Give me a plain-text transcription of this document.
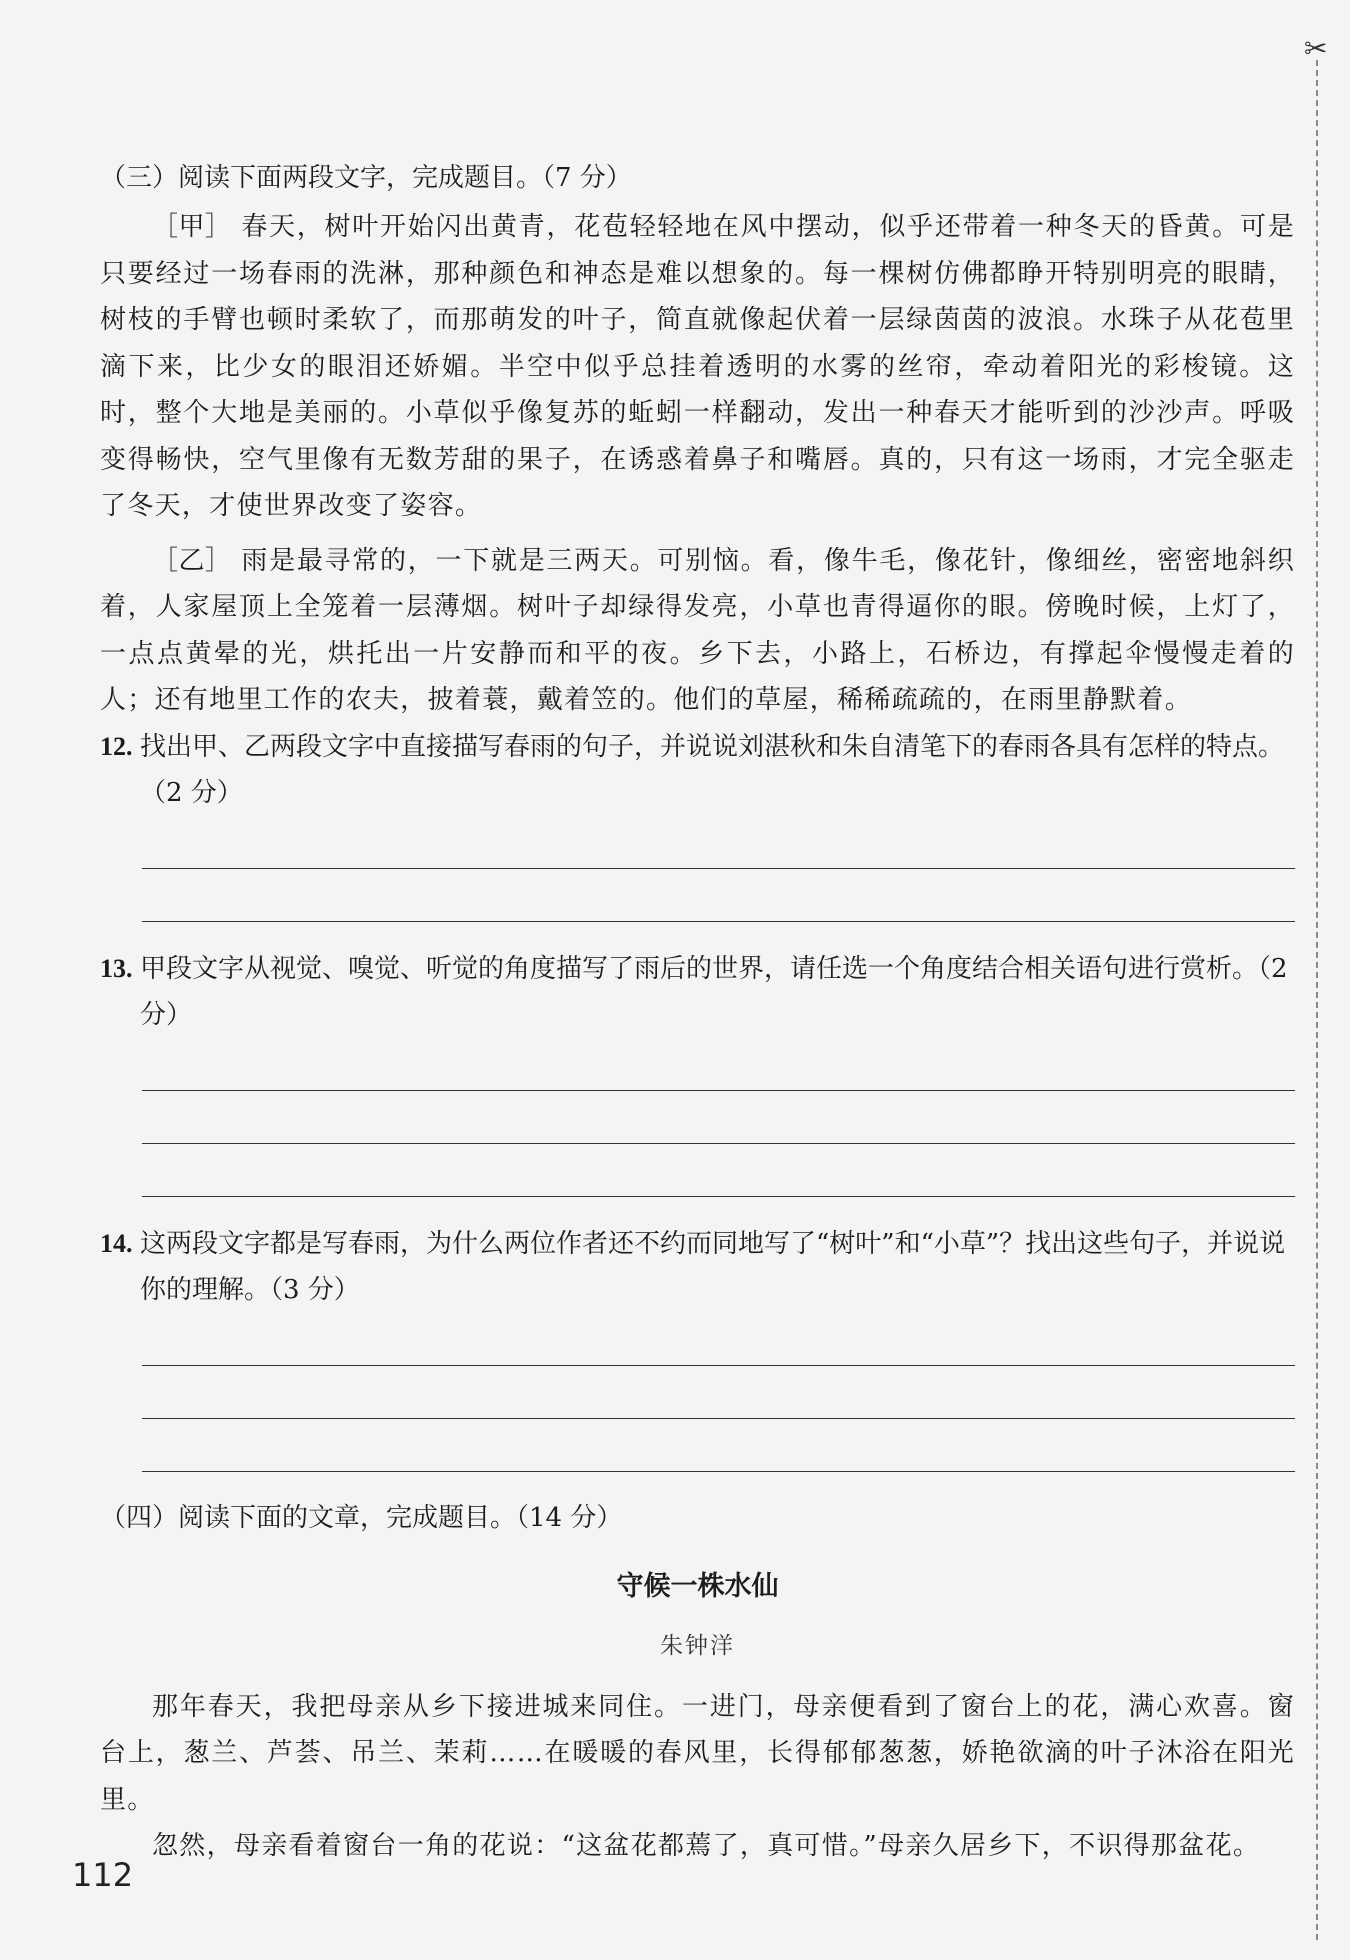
✂

（三）阅读下面两段文字，完成题目。（7 分）

［甲］ 春天，树叶开始闪出黄青，花苞轻轻地在风中摆动，似乎还带着一种冬天的昏黄。可是只要经过一场春雨的洗淋，那种颜色和神态是难以想象的。每一棵树仿佛都睁开特别明亮的眼睛，树枝的手臂也顿时柔软了，而那萌发的叶子，简直就像起伏着一层绿茵茵的波浪。水珠子从花苞里滴下来，比少女的眼泪还娇媚。半空中似乎总挂着透明的水雾的丝帘，牵动着阳光的彩梭镜。这时，整个大地是美丽的。小草似乎像复苏的蚯蚓一样翻动，发出一种春天才能听到的沙沙声。呼吸变得畅快，空气里像有无数芳甜的果子，在诱惑着鼻子和嘴唇。真的，只有这一场雨，才完全驱走了冬天，才使世界改变了姿容。

［乙］ 雨是最寻常的，一下就是三两天。可别恼。看，像牛毛，像花针，像细丝，密密地斜织着，人家屋顶上全笼着一层薄烟。树叶子却绿得发亮，小草也青得逼你的眼。傍晚时候，上灯了，一点点黄晕的光，烘托出一片安静而和平的夜。乡下去，小路上，石桥边，有撑起伞慢慢走着的人；还有地里工作的农夫，披着蓑，戴着笠的。他们的草屋，稀稀疏疏的，在雨里静默着。

12. 找出甲、乙两段文字中直接描写春雨的句子，并说说刘湛秋和朱自清笔下的春雨各具有怎样的特点。（2 分）
13. 甲段文字从视觉、嗅觉、听觉的角度描写了雨后的世界，请任选一个角度结合相关语句进行赏析。（2 分）
14. 这两段文字都是写春雨，为什么两位作者还不约而同地写了“树叶”和“小草”？找出这些句子，并说说你的理解。（3 分）

（四）阅读下面的文章，完成题目。（14 分）

守候一株水仙

朱钟洋

那年春天，我把母亲从乡下接进城来同住。一进门，母亲便看到了窗台上的花，满心欢喜。窗台上，葱兰、芦荟、吊兰、茉莉……在暖暖的春风里，长得郁郁葱葱，娇艳欲滴的叶子沐浴在阳光里。

忽然，母亲看着窗台一角的花说：“这盆花都蔫了，真可惜。”母亲久居乡下，不识得那盆花。

112
